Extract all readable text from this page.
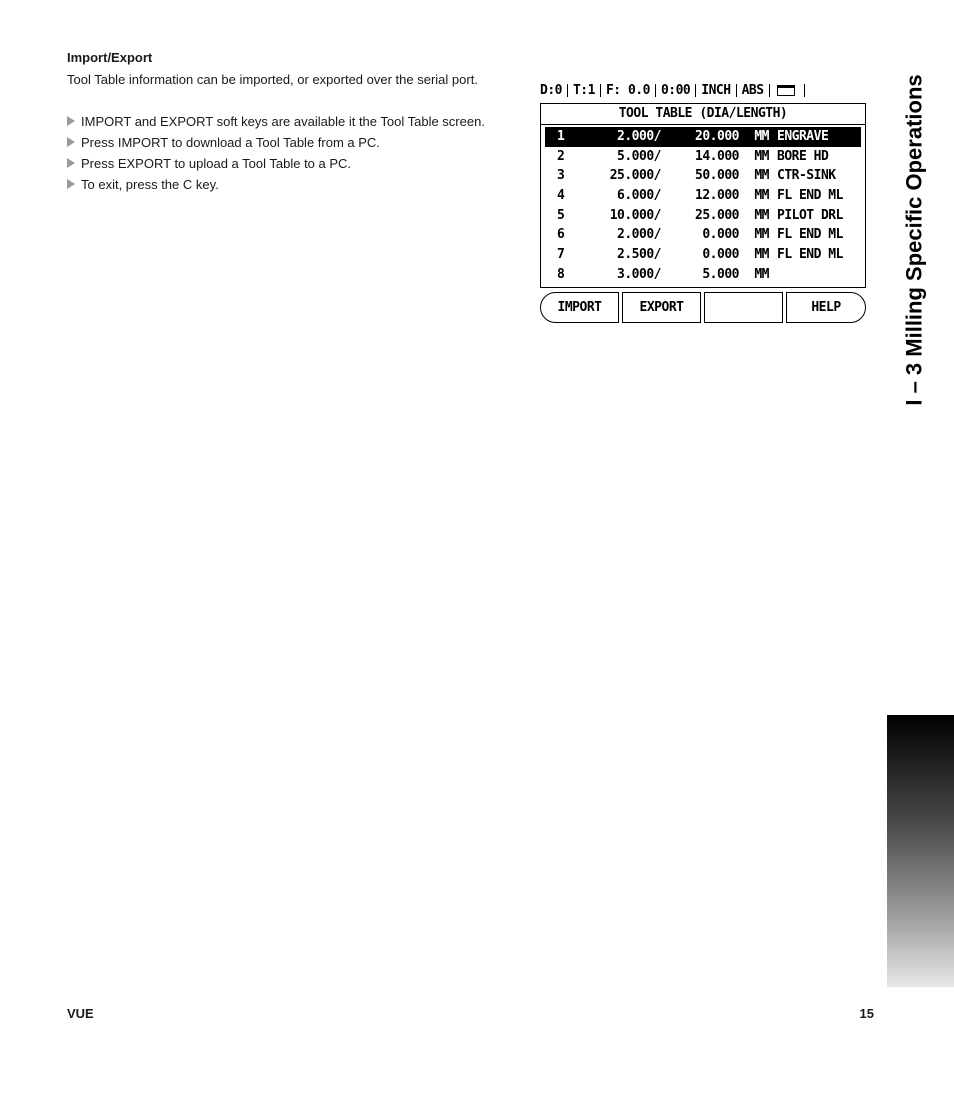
Import/Export
Tool Table information can be imported, or exported over the serial port.
IMPORT and EXPORT soft keys are available it the Tool Table screen.
Press IMPORT to download a Tool Table from a PC.
Press EXPORT to upload a Tool Table to a PC.
To exit, press the C key.
D:0 T:1 F: 0.0 0:00 INCH ABS
TOOL TABLE (DIA/LENGTH)
1	2.000/	20.000	MM ENGRAVE
2	5.000/	14.000	MM BORE HD
3	25.000/	50.000	MM CTR-SINK
4	6.000/	12.000	MM FL END ML
5	10.000/	25.000	MM PILOT DRL
6	2.000/	0.000	MM FL END ML
7	2.500/	0.000	MM FL END ML
8	3.000/	5.000	MM
IMPORT	EXPORT	HELP	I – 3 Milling Specific Operations
VUE	15
